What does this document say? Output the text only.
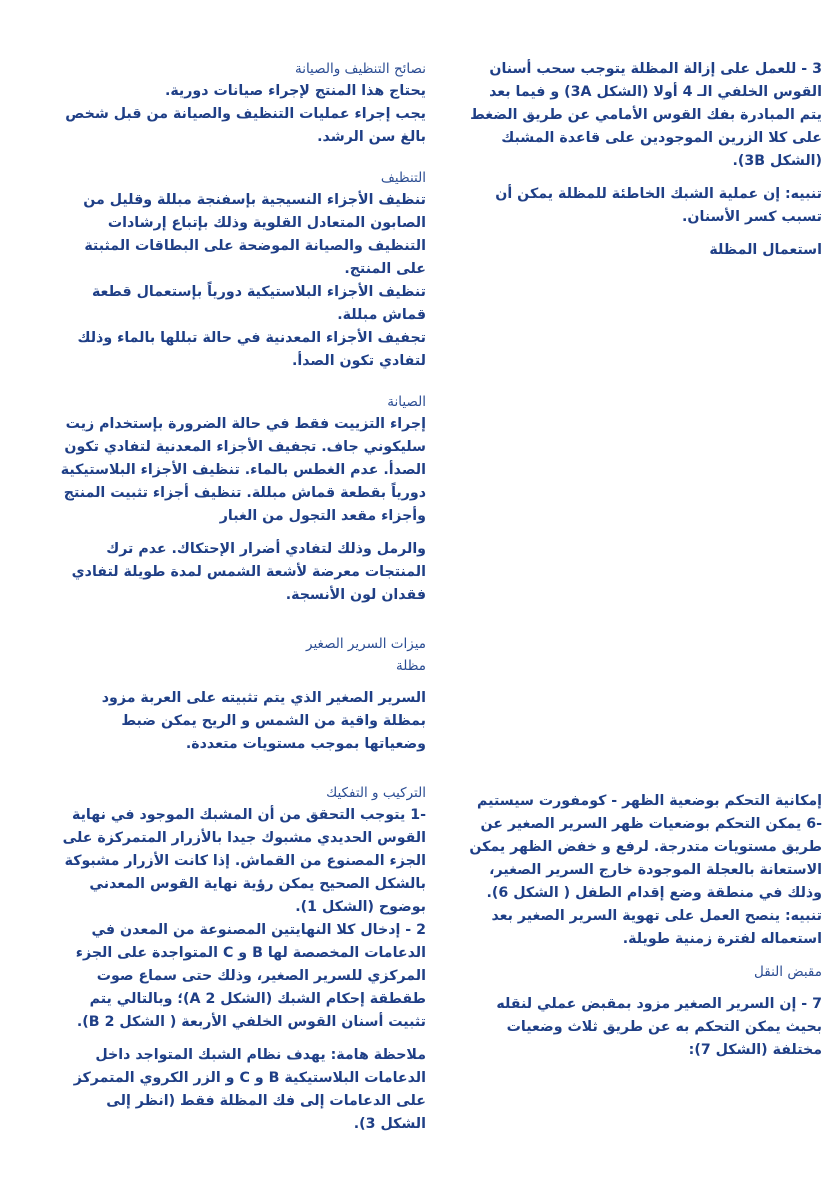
3 - للعمل على إزالة المظلة يتوجب سحب أسنان القوس الخلفي الـ 4 أولا (الشكل 3A) و فيما بعد يتم المبادرة بفك القوس الأمامي عن طريق الضغط على كلا الزرين الموجودين على قاعدة المشبك (الشكل 3B).

تنبيه: إن عملية الشبك الخاطئة للمظلة يمكن أن تسبب كسر الأسنان.

استعمال المظلة

إمكانية التحكم بوضعية الظهر - كومفورت سيستيم

-6 يمكن التحكم بوضعيات ظهر السرير الصغير عن طريق مستويات متدرجة. لرفع و خفض الظهر يمكن الاستعانة بالعجلة الموجودة خارج السرير الصغير، وذلك في منطقة وضع إقدام الطفل ( الشكل 6).

تنبيه: ينصح العمل على تهوية السرير الصغير بعد استعماله لفترة زمنية طويلة.

مقبض النقل

7 - إن السرير الصغير مزود بمقبض عملي لنقله بحيث يمكن التحكم به عن طريق ثلاث وضعيات مختلفة (الشكل 7):

نصائح التنظيف والصيانة

يحتاج هذا المنتج لإجراء صيانات دورية.

يجب إجراء عمليات التنظيف والصيانة من قبل شخص بالغ سن الرشد.

التنظيف

تنظيف الأجزاء النسيجية بإسفنجة مبللة وقليل من الصابون المتعادل القلوية وذلك بإتباع إرشادات التنظيف والصيانة الموضحة على البطاقات المثبتة على المنتج.

تنظيف الأجزاء البلاستيكية دورياً بإستعمال قطعة قماش مبللة.

تجفيف الأجزاء المعدنية في حالة تبللها بالماء وذلك لتفادي تكون الصدأ.

الصيانة

إجراء التزييت فقط في حالة الضرورة بإستخدام زيت سليكوني جاف. تجفيف الأجزاء المعدنية لتفادي تكون الصدأ. عدم الغطس بالماء. تنظيف الأجزاء البلاستيكية دورياً بقطعة قماش مبللة. تنظيف أجزاء تثبيت المنتج وأجزاء مقعد التجول من الغبار

والرمل وذلك لتفادي أضرار الإحتكاك. عدم ترك المنتجات معرضة لأشعة الشمس لمدة طويلة لتفادي فقدان لون الأنسجة.

ميزات السرير الصغير

مظلة

السرير الصغير الذي يتم تثبيته على العربة مزود بمظلة واقية من الشمس و الريح يمكن ضبط وضعياتها بموجب مستويات متعددة.

التركيب و التفكيك

-1 يتوجب التحقق من أن المشبك الموجود في نهاية القوس الحديدي مشبوك جيدا بالأزرار المتمركزة على الجزء المصنوع من القماش. إذا كانت الأزرار مشبوكة بالشكل الصحيح يمكن رؤية نهاية القوس المعدني بوضوح (الشكل 1).

2 - إدخال كلا النهايتين المصنوعة من المعدن في الدعامات المخصصة لها B و C المتواجدة على الجزء المركزي للسرير الصغير، وذلك حتى سماع صوت طقطقة إحكام الشبك (الشكل 2 A)؛ وبالتالي يتم تثبيت أسنان القوس الخلفي الأربعة ( الشكل 2 B).

ملاحظة هامة: يهدف نظام الشبك المتواجد داخل الدعامات البلاستيكية B و C و الزر الكروي المتمركز على الدعامات إلى فك المظلة فقط (انظر إلى الشكل 3).
